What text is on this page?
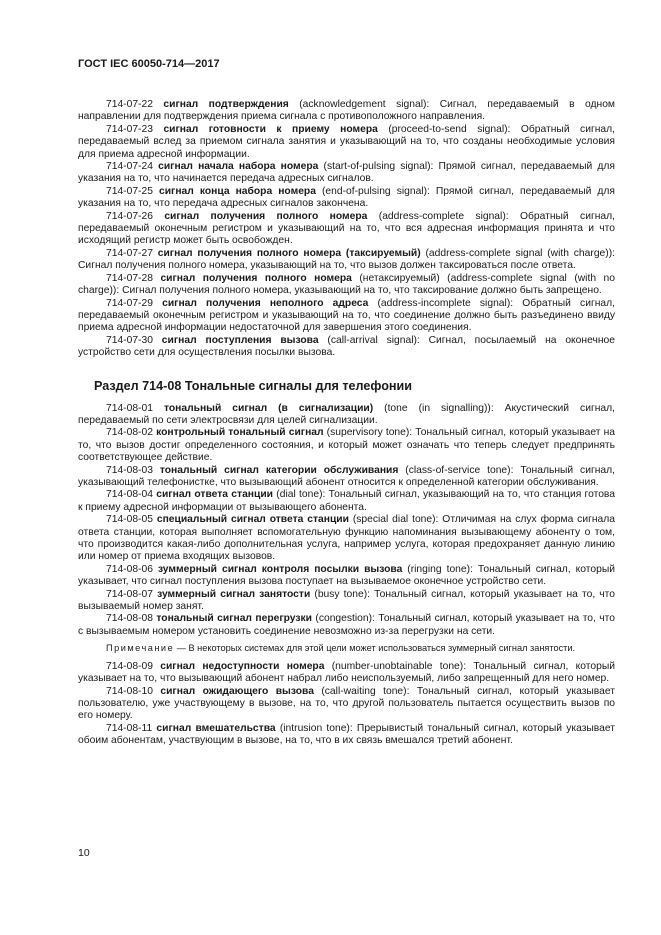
ГОСТ IEC 60050-714—2017

714-07-22 сигнал подтверждения (acknowledgement signal): Сигнал, передаваемый в одном направлении для подтверждения приема сигнала с противоположного направления.

714-07-23 сигнал готовности к приему номера (proceed-to-send signal): Обратный сигнал, передаваемый вслед за приемом сигнала занятия и указывающий на то, что созданы необходимые условия для приема адресной информации.

714-07-24 сигнал начала набора номера (start-of-pulsing signal): Прямой сигнал, передаваемый для указания на то, что начинается передача адресных сигналов.

714-07-25 сигнал конца набора номера (end-of-pulsing signal): Прямой сигнал, передаваемый для указания на то, что передача адресных сигналов закончена.

714-07-26 сигнал получения полного номера (address-complete signal): Обратный сигнал, передаваемый оконечным регистром и указывающий на то, что вся адресная информация принята и что исходящий регистр может быть освобожден.

714-07-27 сигнал получения полного номера (таксируемый) (address-complete signal (with charge)): Сигнал получения полного номера, указывающий на то, что вызов должен таксироваться после ответа.

714-07-28 сигнал получения полного номера (нетаксируемый) (address-complete signal (with no charge)): Сигнал получения полного номера, указывающий на то, что таксирование должно быть запрещено.

714-07-29 сигнал получения неполного адреса (address-incomplete signal): Обратный сигнал, передаваемый оконечным регистром и указывающий на то, что соединение должно быть разъединено ввиду приема адресной информации недостаточной для завершения этого соединения.

714-07-30 сигнал поступления вызова (call-arrival signal): Сигнал, посылаемый на оконечное устройство сети для осуществления посылки вызова.

Раздел 714-08 Тональные сигналы для телефонии

714-08-01 тональный сигнал (в сигнализации) (tone (in signalling)): Акустический сигнал, передаваемый по сети электросвязи для целей сигнализации.

714-08-02 контрольный тональный сигнал (supervisory tone): Тональный сигнал, который указывает на то, что вызов достиг определенного состояния, и который может означать что теперь следует предпринять соответствующее действие.

714-08-03 тональный сигнал категории обслуживания (class-of-service tone): Тональный сигнал, указывающий телефонистке, что вызывающий абонент относится к определенной категории обслуживания.

714-08-04 сигнал ответа станции (dial tone): Тональный сигнал, указывающий на то, что станция готова к приему адресной информации от вызывающего абонента.

714-08-05 специальный сигнал ответа станции (special dial tone): Отличимая на слух форма сигнала ответа станции, которая выполняет вспомогательную функцию напоминания вызывающему абоненту о том, что производится какая-либо дополнительная услуга, например услуга, которая предохраняет данную линию или номер от приема входящих вызовов.

714-08-06 зуммерный сигнал контроля посылки вызова (ringing tone): Тональный сигнал, который указывает, что сигнал поступления вызова поступает на вызываемое оконечное устройство сети.

714-08-07 зуммерный сигнал занятости (busy tone): Тональный сигнал, который указывает на то, что вызываемый номер занят.

714-08-08 тональный сигнал перегрузки (congestion): Тональный сигнал, который указывает на то, что с вызываемым номером установить соединение невозможно из-за перегрузки на сети.

Примечание — В некоторых системах для этой цели может использоваться зуммерный сигнал занятости.

714-08-09 сигнал недоступности номера (number-unobtainable tone): Тональный сигнал, который указывает на то, что вызывающий абонент набрал либо неиспользуемый, либо запрещенный для него номер.

714-08-10 сигнал ожидающего вызова (call-waiting tone): Тональный сигнал, который указывает пользователю, уже участвующему в вызове, на то, что другой пользователь пытается осуществить вызов по его номеру.

714-08-11 сигнал вмешательства (intrusion tone): Прерывистый тональный сигнал, который указывает обоим абонентам, участвующим в вызове, на то, что в их связь вмешался третий абонент.

10
